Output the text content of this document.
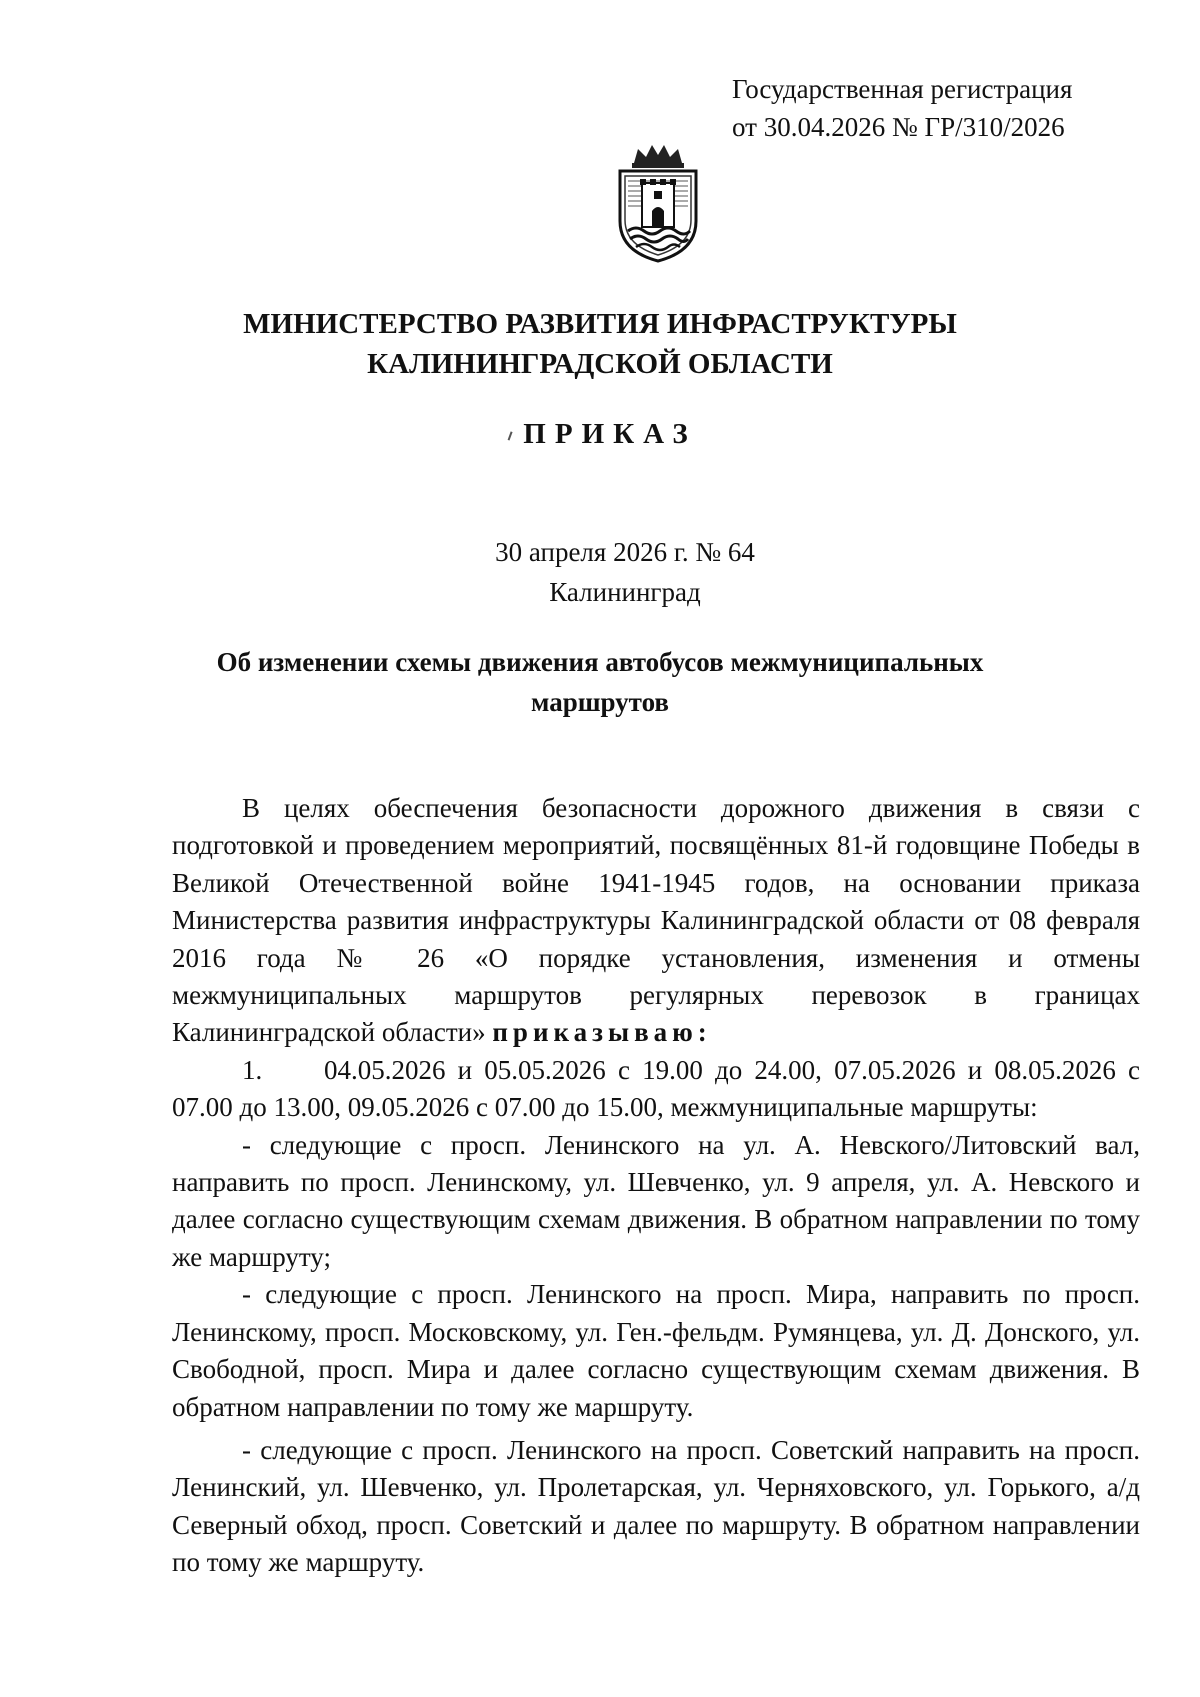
Государственная регистрация
от 30.04.2026 № ГР/310/2026
МИНИСТЕРСТВО РАЗВИТИЯ ИНФРАСТРУКТУРЫ
КАЛИНИНГРАДСКОЙ ОБЛАСТИ
ПРИКАЗ
30 апреля 2026 г. № 64
Калининград
Об изменении схемы движения автобусов межмуниципальных
маршрутов

В целях обеспечения безопасности дорожного движения в связи с подготовкой и проведением мероприятий, посвящённых 81-й годовщине Победы в Великой Отечественной войне 1941-1945 годов, на основании приказа Министерства развития инфраструктуры Калининградской области от 08 февраля 2016 года № 26 «О порядке установления, изменения и отмены межмуниципальных маршрутов регулярных перевозок в границах Калининградской области» приказываю:

1. 04.05.2026 и 05.05.2026 с 19.00 до 24.00, 07.05.2026 и 08.05.2026 с 07.00 до 13.00, 09.05.2026 с 07.00 до 15.00, межмуниципальные маршруты:

- следующие с просп. Ленинского на ул. А. Невского/Литовский вал, направить по просп. Ленинскому, ул. Шевченко, ул. 9 апреля, ул. А. Невского и далее согласно существующим схемам движения. В обратном направлении по тому же маршруту;

- следующие с просп. Ленинского на просп. Мира, направить по просп. Ленинскому, просп. Московскому, ул. Ген.-фельдм. Румянцева, ул. Д. Донского, ул. Свободной, просп. Мира и далее согласно существующим схемам движения. В обратном направлении по тому же маршруту.

- следующие с просп. Ленинского на просп. Советский направить на просп. Ленинский, ул. Шевченко, ул. Пролетарская, ул. Черняховского, ул. Горького, а/д Северный обход, просп. Советский и далее по маршруту. В обратном направлении по тому же маршруту.
